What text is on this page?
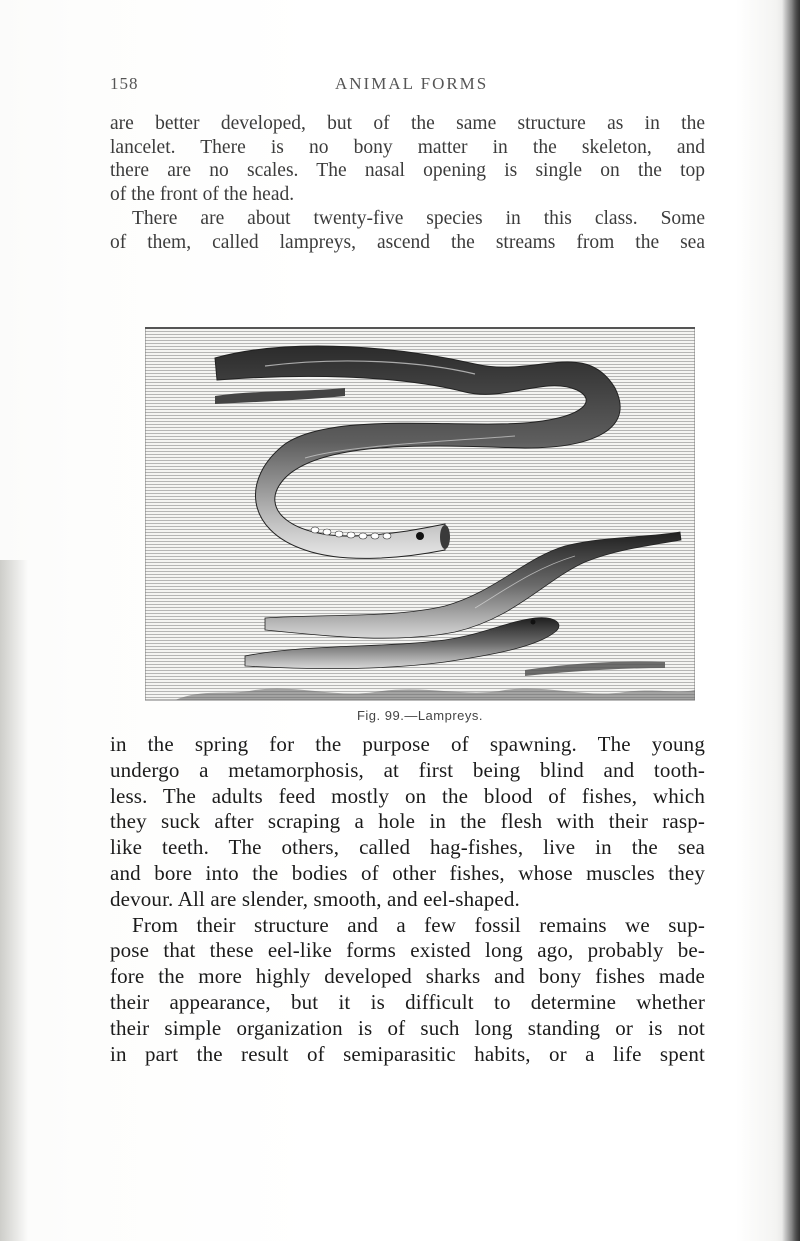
158	ANIMAL FORMS
are better developed, but of the same structure as in the
lancelet. There is no bony matter in the skeleton, and
there are no scales. The nasal opening is single on the top
of the front of the head.
There are about twenty-five species in this class. Some
of them, called lampreys, ascend the streams from the sea
Fig. 99.—Lampreys.
in the spring for the purpose of spawning. The young
undergo a metamorphosis, at first being blind and tooth-
less. The adults feed mostly on the blood of fishes, which
they suck after scraping a hole in the flesh with their rasp-
like teeth. The others, called hag-fishes, live in the sea
and bore into the bodies of other fishes, whose muscles they
devour. All are slender, smooth, and eel-shaped.
From their structure and a few fossil remains we sup-
pose that these eel-like forms existed long ago, probably be-
fore the more highly developed sharks and bony fishes made
their appearance, but it is difficult to determine whether
their simple organization is of such long standing or is not
in part the result of semiparasitic habits, or a life spent
